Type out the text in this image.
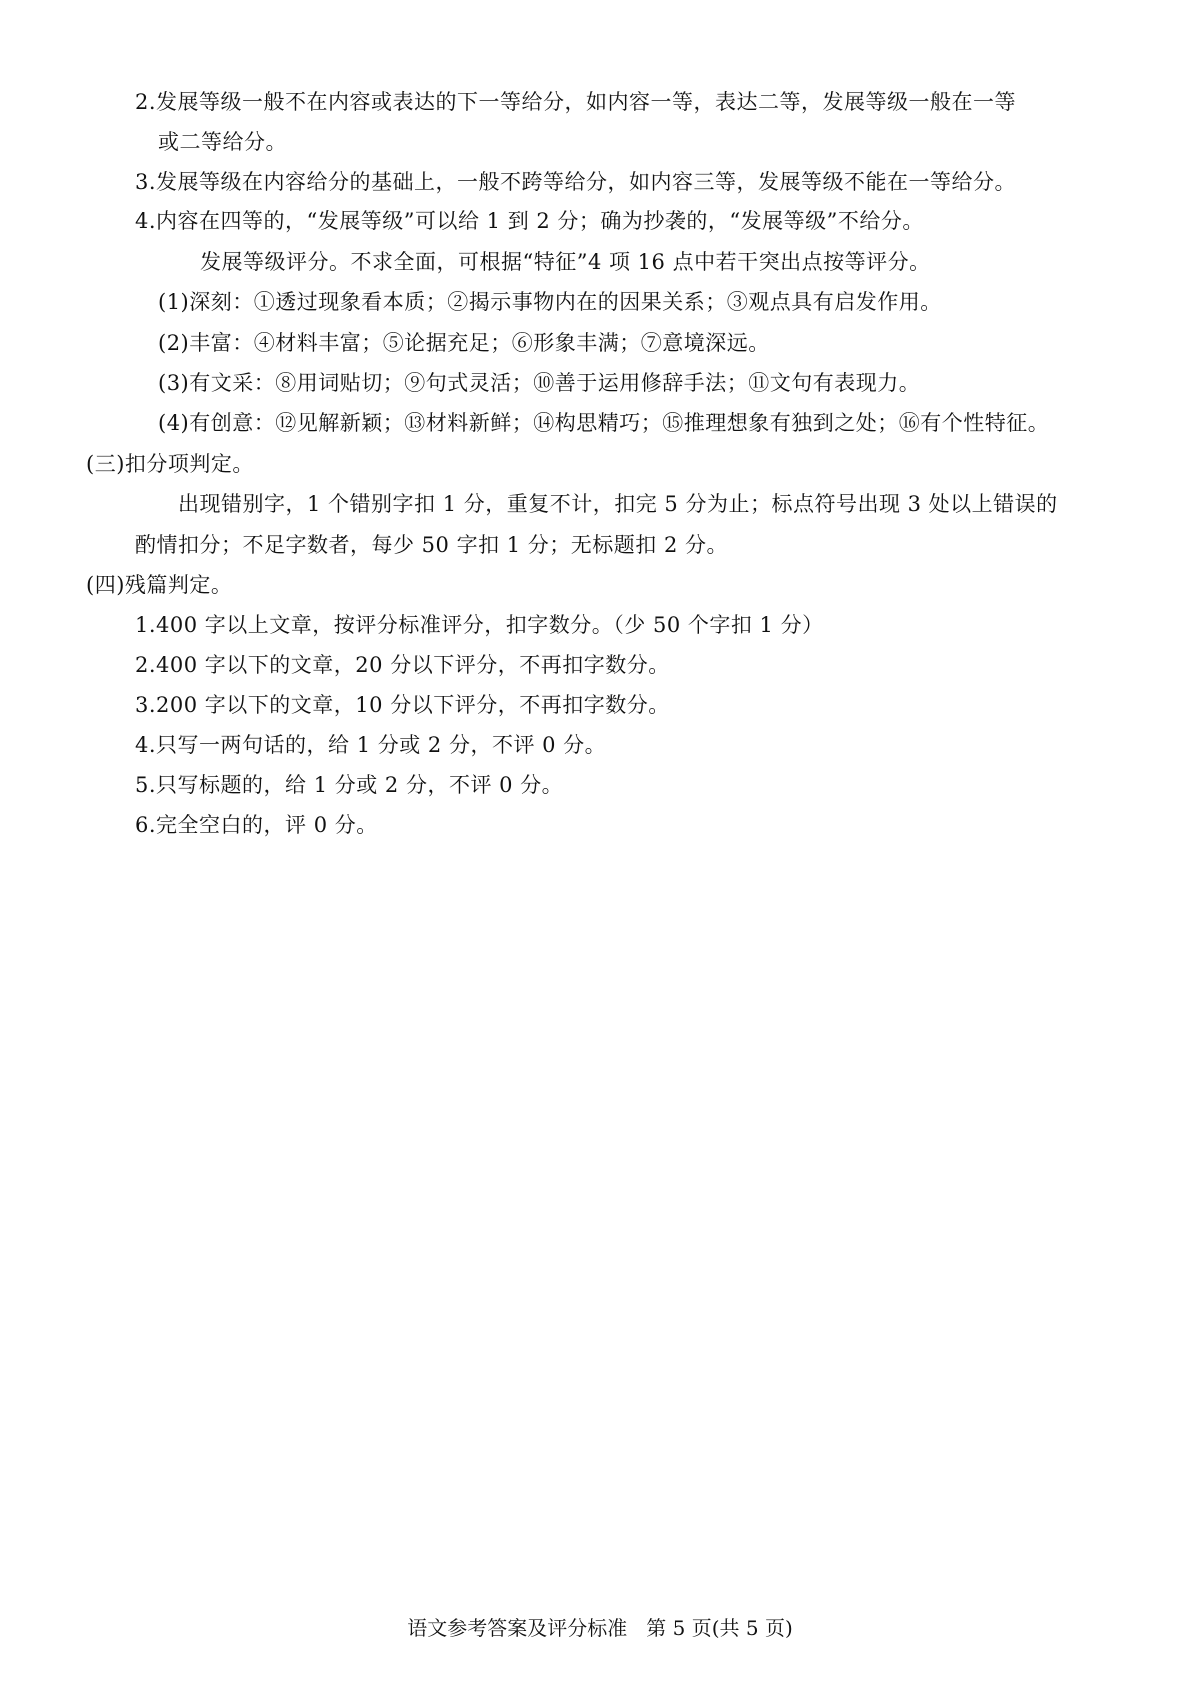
2.发展等级一般不在内容或表达的下一等给分，如内容一等，表达二等，发展等级一般在一等
或二等给分。
3.发展等级在内容给分的基础上，一般不跨等给分，如内容三等，发展等级不能在一等给分。
4.内容在四等的，“发展等级”可以给 1 到 2 分；确为抄袭的，“发展等级”不给分。
发展等级评分。不求全面，可根据“特征”4 项 16 点中若干突出点按等评分。
(1)深刻：①透过现象看本质；②揭示事物内在的因果关系；③观点具有启发作用。
(2)丰富：④材料丰富；⑤论据充足；⑥形象丰满；⑦意境深远。
(3)有文采：⑧用词贴切；⑨句式灵活；⑩善于运用修辞手法；⑪文句有表现力。
(4)有创意：⑫见解新颖；⑬材料新鲜；⑭构思精巧；⑮推理想象有独到之处；⑯有个性特征。
(三)扣分项判定。
出现错别字，1 个错别字扣 1 分，重复不计，扣完 5 分为止；标点符号出现 3 处以上错误的
酌情扣分；不足字数者，每少 50 字扣 1 分；无标题扣 2 分。
(四)残篇判定。
1.400 字以上文章，按评分标准评分，扣字数分。（少 50 个字扣 1 分）
2.400 字以下的文章，20 分以下评分，不再扣字数分。
3.200 字以下的文章，10 分以下评分，不再扣字数分。
4.只写一两句话的，给 1 分或 2 分，不评 0 分。
5.只写标题的，给 1 分或 2 分，不评 0 分。
6.完全空白的，评 0 分。
语文参考答案及评分标准 第 5 页(共 5 页)
